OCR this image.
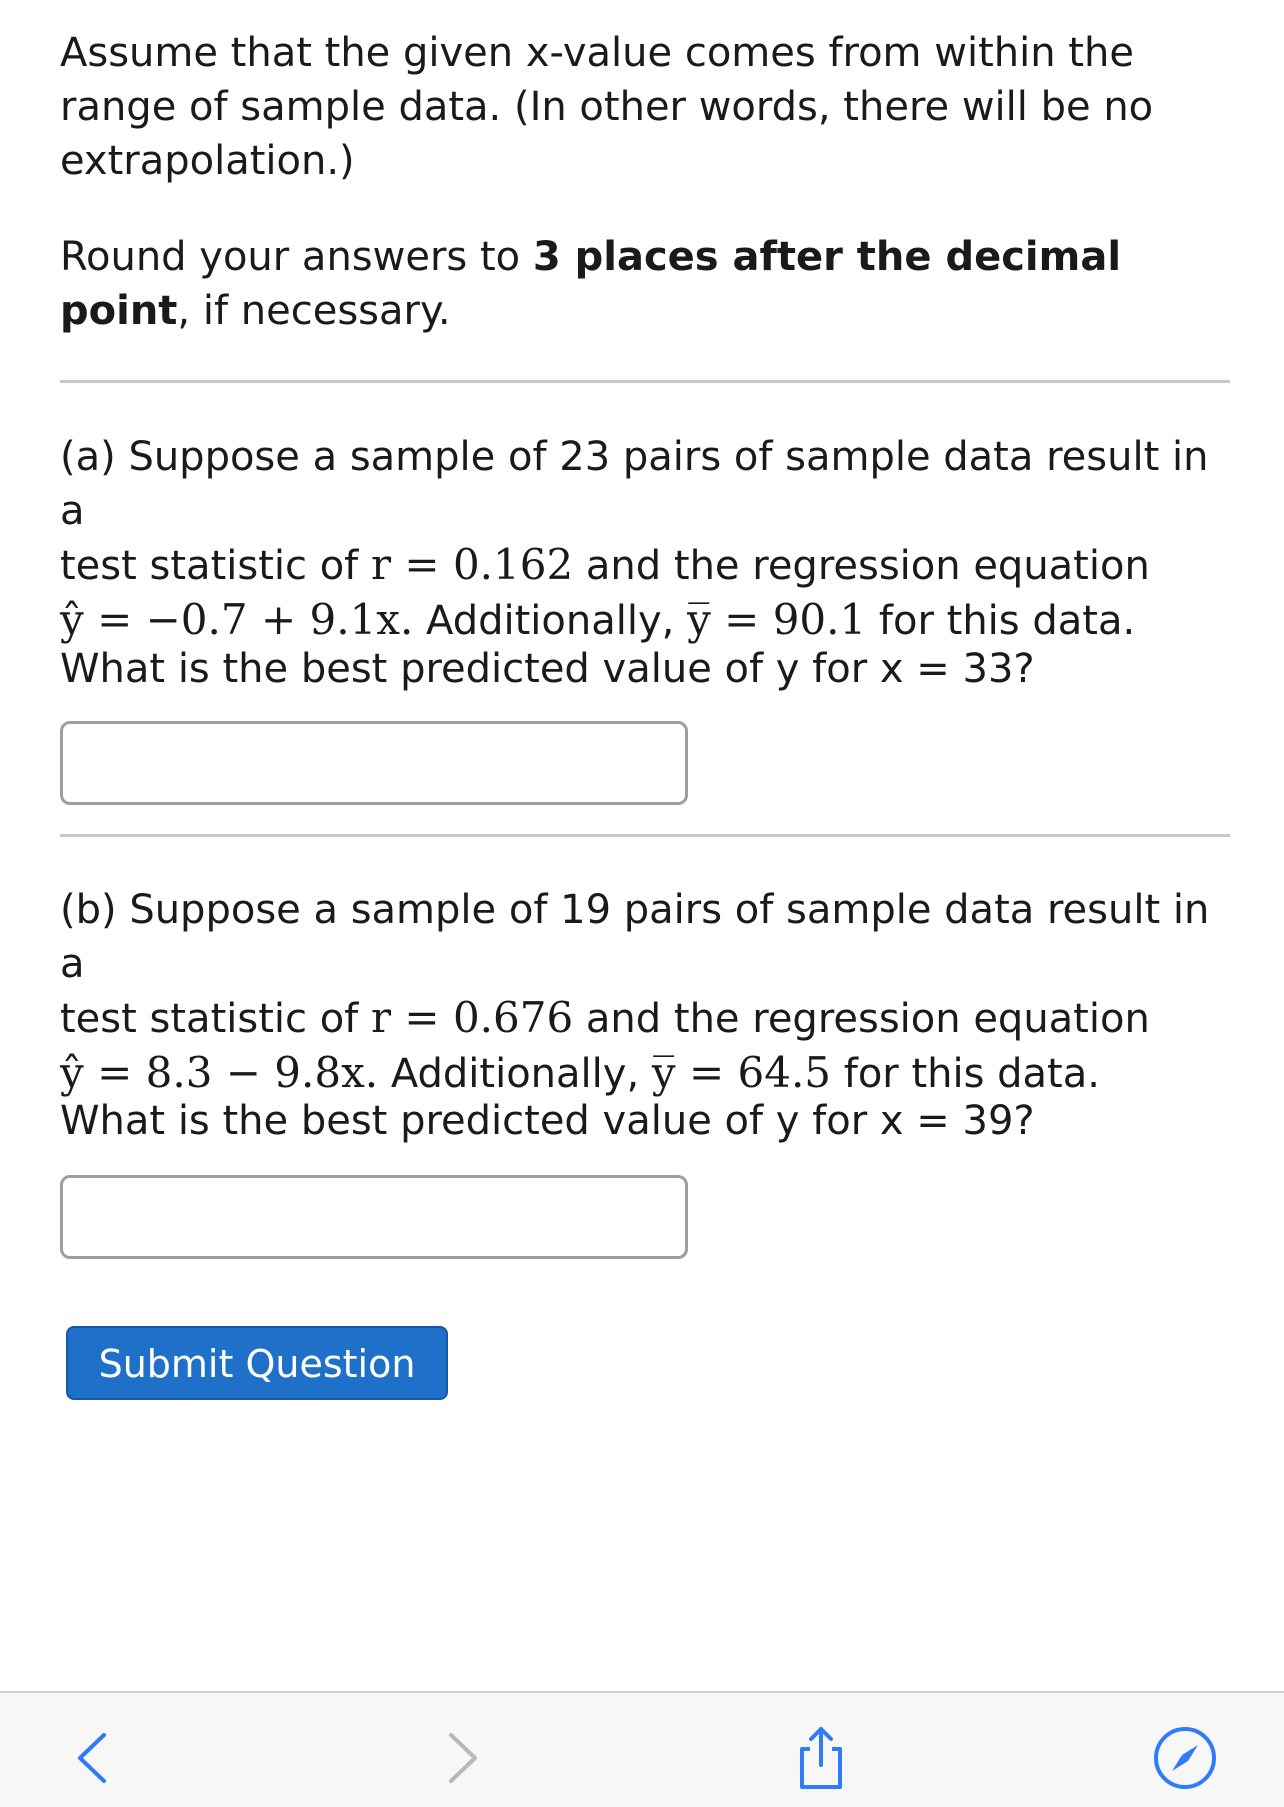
Assume that the given x-value comes from within the range of sample data. (In other words, there will be no extrapolation.)

Round your answers to 3 places after the decimal point, if necessary.

(a) Suppose a sample of 23 pairs of sample data result in a
test statistic of r = 0.162 and the regression equation
ŷ = −0.7 + 9.1x. Additionally, y̅ = 90.1 for this data.
What is the best predicted value of y for x = 33?
(b) Suppose a sample of 19 pairs of sample data result in a
test statistic of r = 0.676 and the regression equation
ŷ = 8.3 − 9.8x. Additionally, y̅ = 64.5 for this data.
What is the best predicted value of y for x = 39?
Submit Question
